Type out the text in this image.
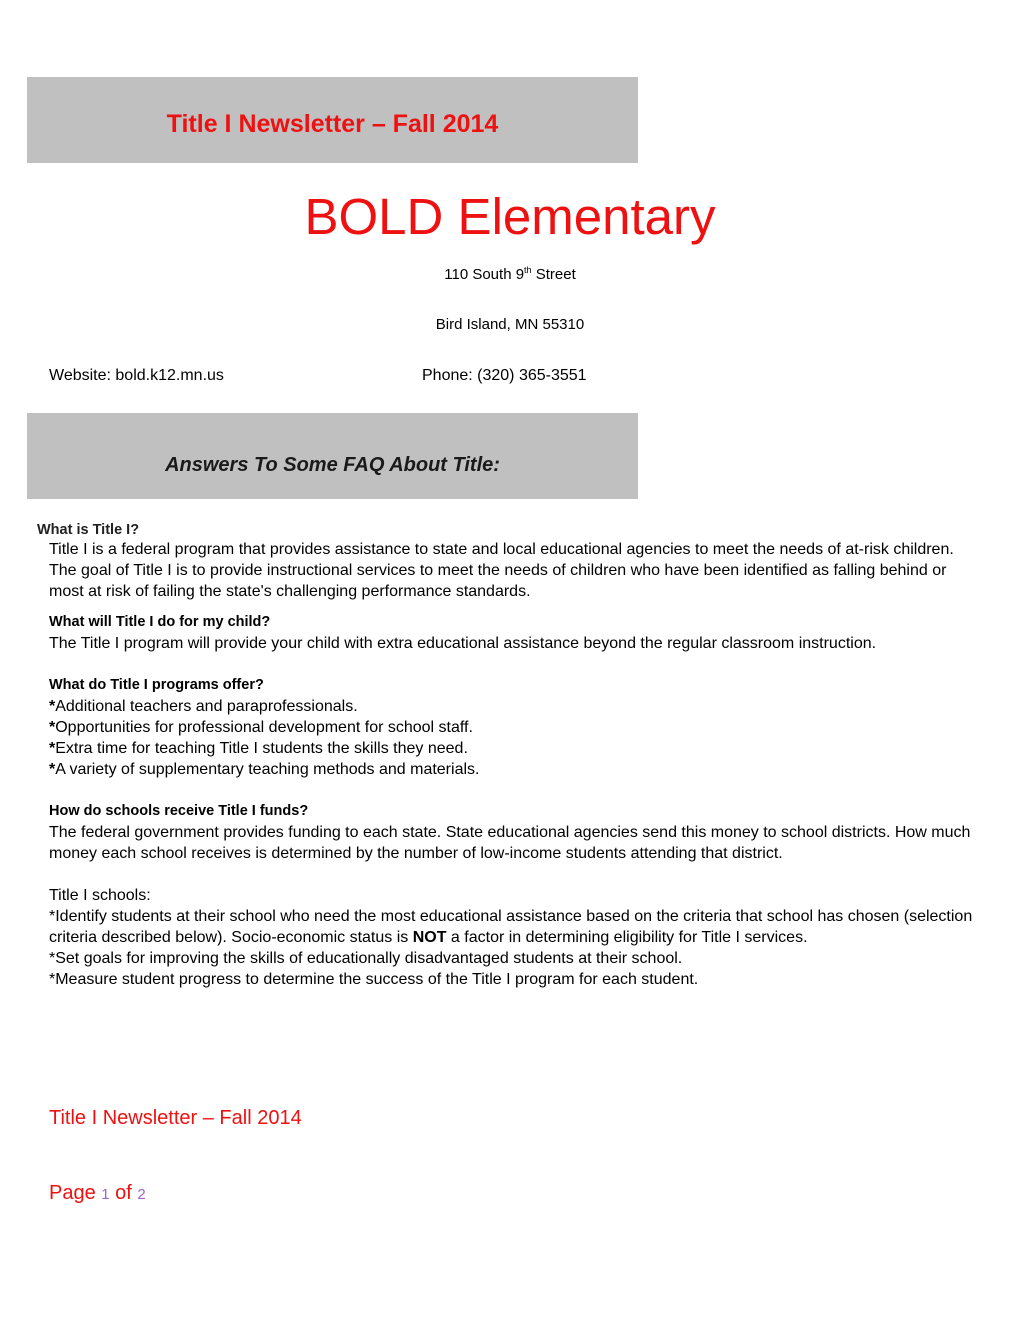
Title I Newsletter – Fall 2014
BOLD Elementary
110 South 9th Street
Bird Island, MN 55310
Website: bold.k12.mn.us	Phone: (320) 365-3551
Answers To Some FAQ About Title:
What is Title I?

Title I is a federal program that provides assistance to state and local educational agencies to meet the needs of at-risk children. The goal of Title I is to provide instructional services to meet the needs of children who have been identified as falling behind or most at risk of failing the state's challenging performance standards.

What will Title I do for my child?

The Title I program will provide your child with extra educational assistance beyond the regular classroom instruction.

What do Title I programs offer?
*Additional teachers and paraprofessionals.
*Opportunities for professional development for school staff.
*Extra time for teaching Title I students the skills they need.
*A variety of supplementary teaching methods and materials.
How do schools receive Title I funds?

The federal government provides funding to each state. State educational agencies send this money to school districts. How much money each school receives is determined by the number of low-income students attending that district.

Title I schools:
*Identify students at their school who need the most educational assistance based on the criteria that school has chosen (selection criteria described below). Socio-economic status is NOT a factor in determining eligibility for Title I services.
*Set goals for improving the skills of educationally disadvantaged students at their school.
*Measure student progress to determine the success of the Title I program for each student.
Title I Newsletter – Fall 2014
Page 1 of 2
